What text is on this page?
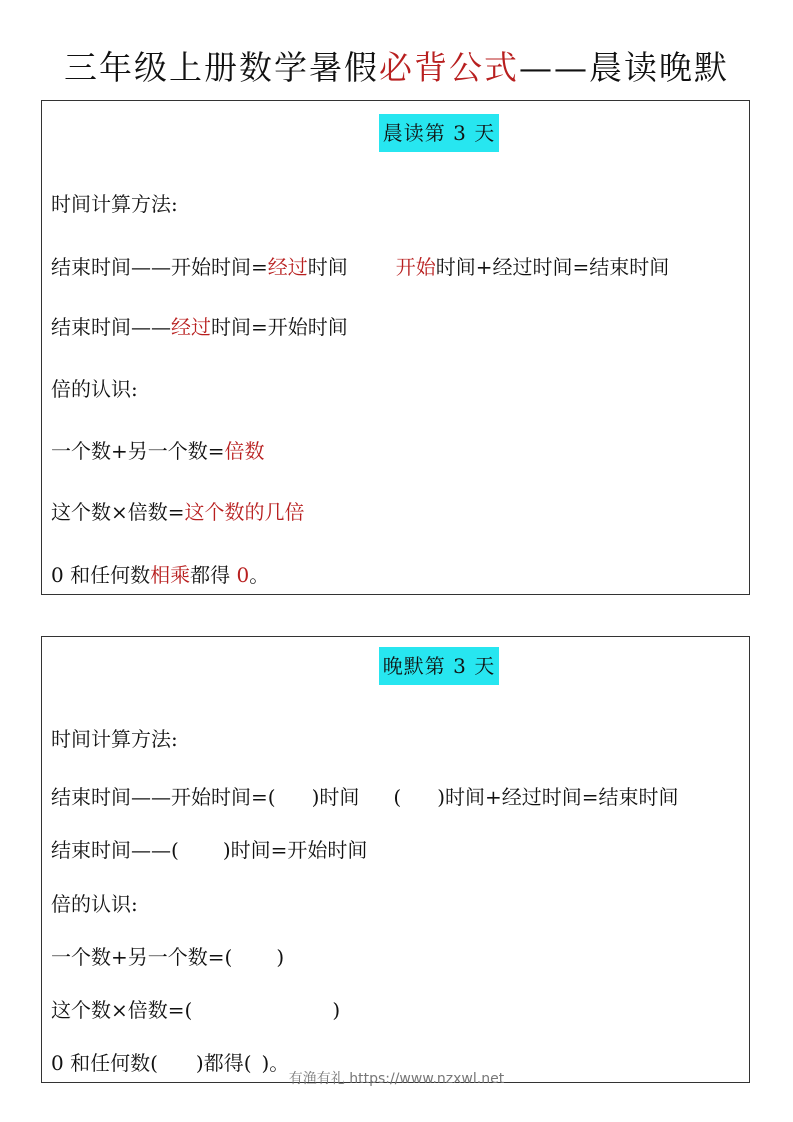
三年级上册数学暑假必背公式——晨读晚默
晨读第 3 天
时间计算方法:
结束时间——开始时间=经过时间 开始时间+经过时间=结束时间
结束时间——经过时间=开始时间
倍的认识:
一个数+另一个数=倍数
这个数×倍数=这个数的几倍
0 和任何数相乘都得 0。
晚默第 3 天
时间计算方法:
结束时间——开始时间=( )时间 ( )时间+经过时间=结束时间
结束时间——( )时间=开始时间
倍的认识:
一个数+另一个数=( )
这个数×倍数=(	)
0 和任何数( )都得( )。
有渔有礼 https://www.nzxwl.net
